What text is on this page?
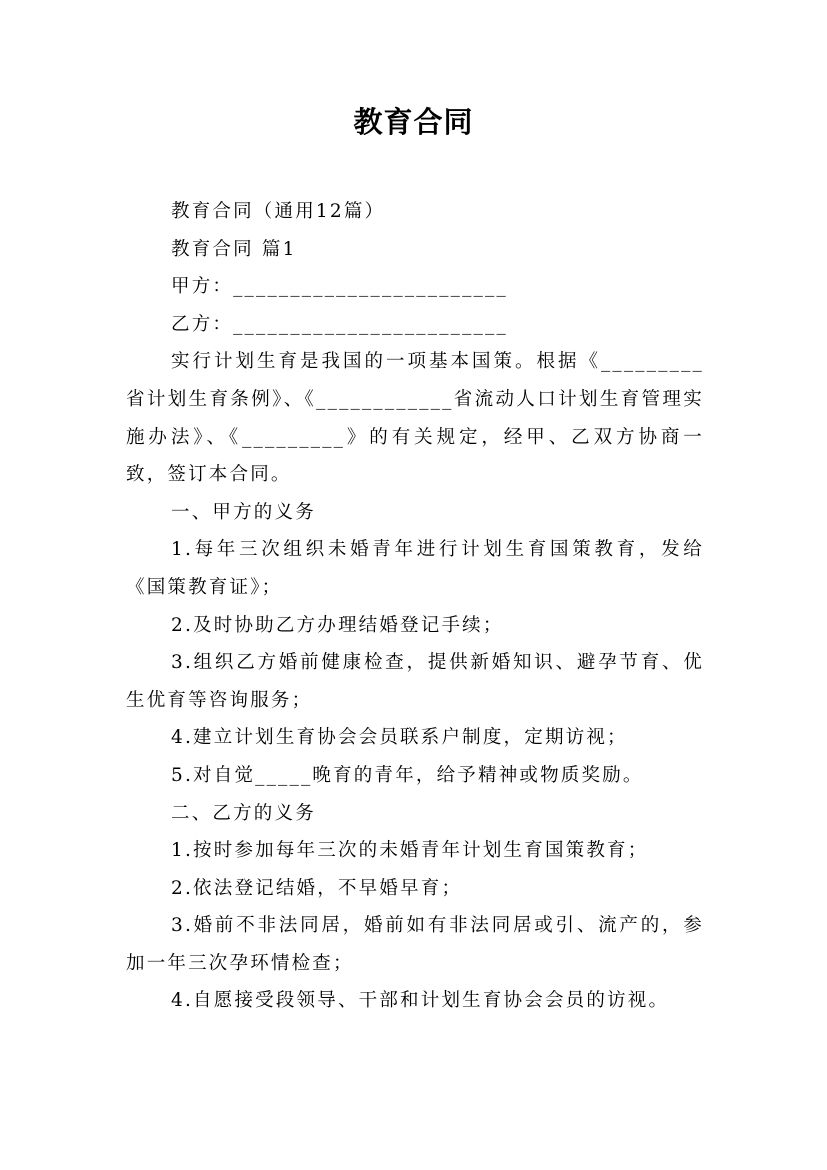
教育合同

教育合同（通用12篇）

教育合同 篇1

甲方：________________________

乙方：________________________

实行计划生育是我国的一项基本国策。根据《_________省计划生育条例》、《____________省流动人口计划生育管理实施办法》、《_________》的有关规定，经甲、乙双方协商一致，签订本合同。

一、甲方的义务

1.每年三次组织未婚青年进行计划生育国策教育，发给《国策教育证》；

2.及时协助乙方办理结婚登记手续；

3.组织乙方婚前健康检查，提供新婚知识、避孕节育、优生优育等咨询服务；

4.建立计划生育协会会员联系户制度，定期访视；

5.对自觉_____晚育的青年，给予精神或物质奖励。

二、乙方的义务

1.按时参加每年三次的未婚青年计划生育国策教育；

2.依法登记结婚，不早婚早育；

3.婚前不非法同居，婚前如有非法同居或引、流产的，参加一年三次孕环情检查；

4.自愿接受段领导、干部和计划生育协会会员的访视。
